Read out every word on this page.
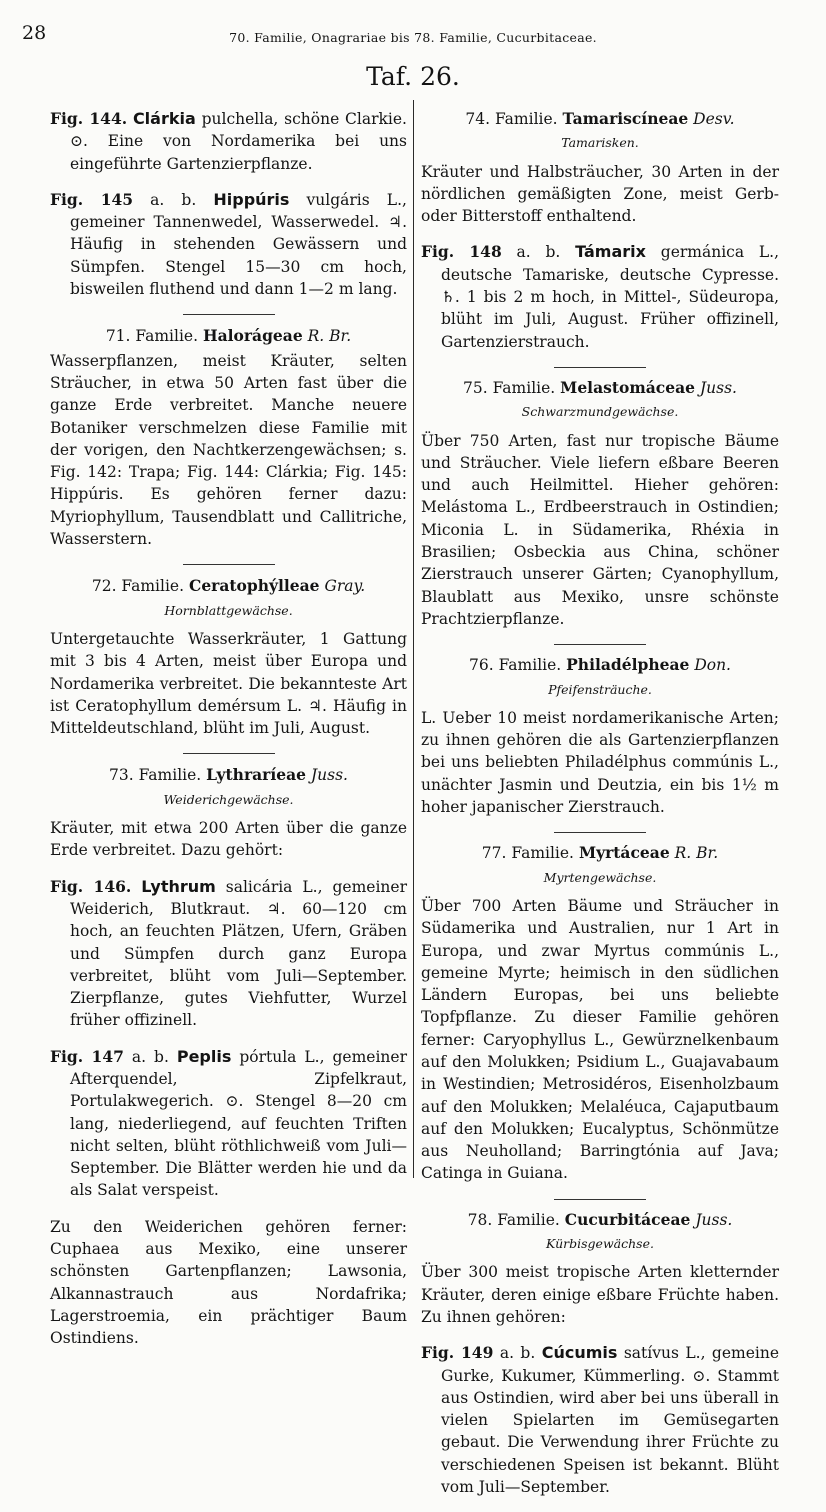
28	70. Familie, Onagrariae bis 78. Familie, Cucurbitaceae.
Taf. 26.

Fig. 144. Clárkia pulchella, schöne Clarkie. ⊙. Eine von Nordamerika bei uns eingeführte Gartenzierpflanze.

Fig. 145 a. b. Hippúris vulgáris L., gemeiner Tannenwedel, Wasserwedel. ♃. Häufig in stehenden Gewässern und Sümpfen. Stengel 15—30 cm hoch, bisweilen fluthend und dann 1—2 m lang.

71. Familie. Halorágeae R. Br.

Wasserpflanzen, meist Kräuter, selten Sträucher, in etwa 50 Arten fast über die ganze Erde verbreitet. Manche neuere Botaniker verschmelzen diese Familie mit der vorigen, den Nachtkerzengewächsen; s. Fig. 142: Trapa; Fig. 144: Clárkia; Fig. 145: Hippúris. Es gehören ferner dazu: Myriophyllum, Tausendblatt und Callitriche, Wasserstern.

72. Familie. Ceratophýlleae Gray.
Hornblattgewächse.

Untergetauchte Wasserkräuter, 1 Gattung mit 3 bis 4 Arten, meist über Europa und Nordamerika verbreitet. Die bekannteste Art ist Ceratophyllum demérsum L. ♃. Häufig in Mitteldeutschland, blüht im Juli, August.

73. Familie. Lythraríeae Juss.
Weiderichgewächse.

Kräuter, mit etwa 200 Arten über die ganze Erde verbreitet. Dazu gehört:

Fig. 146. Lythrum salicária L., gemeiner Weiderich, Blutkraut. ♃. 60—120 cm hoch, an feuchten Plätzen, Ufern, Gräben und Sümpfen durch ganz Europa verbreitet, blüht vom Juli—September. Zierpflanze, gutes Viehfutter, Wurzel früher offizinell.

Fig. 147 a. b. Peplis pórtula L., gemeiner Afterquendel, Zipfelkraut, Portulakwegerich. ⊙. Stengel 8—20 cm lang, niederliegend, auf feuchten Triften nicht selten, blüht röthlichweiß vom Juli—September. Die Blätter werden hie und da als Salat verspeist.

Zu den Weiderichen gehören ferner: Cuphaea aus Mexiko, eine unserer schönsten Gartenpflanzen; Lawsonia, Alkannastrauch aus Nordafrika; Lagerstroemia, ein prächtiger Baum Ostindiens.

74. Familie. Tamariscíneae Desv.
Tamarisken.

Kräuter und Halbsträucher, 30 Arten in der nördlichen gemäßigten Zone, meist Gerb- oder Bitterstoff enthaltend.

Fig. 148 a. b. Támarix germánica L., deutsche Tamariske, deutsche Cypresse. ♄. 1 bis 2 m hoch, in Mittel-, Südeuropa, blüht im Juli, August. Früher offizinell, Gartenzierstrauch.

75. Familie. Melastomáceae Juss.
Schwarzmundgewächse.

Über 750 Arten, fast nur tropische Bäume und Sträucher. Viele liefern eßbare Beeren und auch Heilmittel. Hieher gehören: Melástoma L., Erdbeerstrauch in Ostindien; Miconia L. in Südamerika, Rhéxia in Brasilien; Osbeckia aus China, schöner Zierstrauch unserer Gärten; Cyanophyllum, Blaublatt aus Mexiko, unsre schönste Prachtzierpflanze.

76. Familie. Philadélpheae Don.
Pfeifensträuche.

L. Ueber 10 meist nordamerikanische Arten; zu ihnen gehören die als Gartenzierpflanzen bei uns beliebten Philadélphus commúnis L., unächter Jasmin und Deutzia, ein bis 1½ m hoher japanischer Zierstrauch.

77. Familie. Myrtáceae R. Br.
Myrtengewächse.

Über 700 Arten Bäume und Sträucher in Südamerika und Australien, nur 1 Art in Europa, und zwar Myrtus commúnis L., gemeine Myrte; heimisch in den südlichen Ländern Europas, bei uns beliebte Topfpflanze. Zu dieser Familie gehören ferner: Caryophyllus L., Gewürznelkenbaum auf den Molukken; Psidium L., Guajavabaum in Westindien; Metrosidéros, Eisenholzbaum auf den Molukken; Melaléuca, Cajaputbaum auf den Molukken; Eucalyptus, Schönmütze aus Neuholland; Barringtónia auf Java; Catinga in Guiana.

78. Familie. Cucurbitáceae Juss.
Kürbisgewächse.

Über 300 meist tropische Arten kletternder Kräuter, deren einige eßbare Früchte haben. Zu ihnen gehören:

Fig. 149 a. b. Cúcumis satívus L., gemeine Gurke, Kukumer, Kümmerling. ⊙. Stammt aus Ostindien, wird aber bei uns überall in vielen Spielarten im Gemüsegarten gebaut. Die Verwendung ihrer Früchte zu verschiedenen Speisen ist bekannt. Blüht vom Juli—September.
